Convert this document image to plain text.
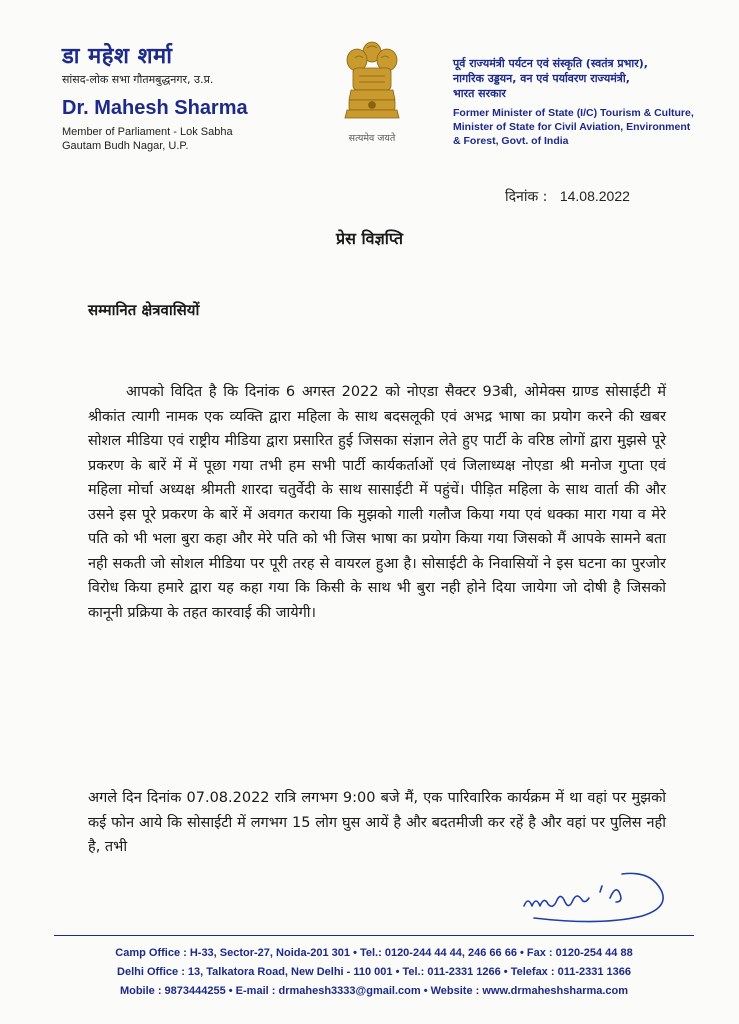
डा महेश शर्मा
सांसद-लोक सभा गौतमबुद्धनगर, उ.प्र.
Dr. Mahesh Sharma
Member of Parliament - Lok Sabha
Gautam Budh Nagar, U.P.
सत्यमेव जयते
पूर्व राज्यमंत्री पर्यटन एवं संस्कृति (स्वतंत्र प्रभार),
नागरिक उड्डयन, वन एवं पर्यावरण राज्यमंत्री,
भारत सरकार
Former Minister of State (I/C) Tourism & Culture,
Minister of State for Civil Aviation, Environment
& Forest, Govt. of India
दिनांक : 14.08.2022
प्रेस विज्ञप्ति
सम्मानित क्षेत्रवासियों
आपको विदित है कि दिनांक 6 अगस्त 2022 को नोएडा सैक्टर 93बी, ओमेक्स ग्राण्ड सोसाईटी में श्रीकांत त्यागी नामक एक व्यक्ति द्वारा महिला के साथ बदसलूकी एवं अभद्र भाषा का प्रयोग करने की खबर सोशल मीडिया एवं राष्ट्रीय मीडिया द्वारा प्रसारित हुई जिसका संज्ञान लेते हुए पार्टी के वरिष्ठ लोगों द्वारा मुझसे पूरे प्रकरण के बारें में में पूछा गया तभी हम सभी पार्टी कार्यकर्ताओं एवं जिलाध्यक्ष नोएडा श्री मनोज गुप्ता एवं महिला मोर्चा अध्यक्ष श्रीमती शारदा चतुर्वेदी के साथ सासाईटी में पहुंचें। पीड़ित महिला के साथ वार्ता की और उसने इस पूरे प्रकरण के बारें में अवगत कराया कि मुझको गाली गलौज किया गया एवं धक्का मारा गया व मेरे पति को भी भला बुरा कहा और मेरे पति को भी जिस भाषा का प्रयोग किया गया जिसको मैं आपके सामने बता नही सकती जो सोशल मीडिया पर पूरी तरह से वायरल हुआ है। सोसाईटी के निवासियों ने इस घटना का पुरजोर विरोध किया हमारे द्वारा यह कहा गया कि किसी के साथ भी बुरा नही होने दिया जायेगा जो दोषी है जिसको कानूनी प्रक्रिया के तहत कारवाई की जायेगी।
अगले दिन दिनांक 07.08.2022 रात्रि लगभग 9:00 बजे मैं, एक पारिवारिक कार्यक्रम में था वहां पर मुझको कई फोन आये कि सोसाईटी में लगभग 15 लोग घुस आयें है और बदतमीजी कर रहें है और वहां पर पुलिस नही है, तभी
Camp Office : H-33, Sector-27, Noida-201 301 • Tel.: 0120-244 44 44, 246 66 66 • Fax : 0120-254 44 88
Delhi Office : 13, Talkatora Road, New Delhi - 110 001 • Tel.: 011-2331 1266 • Telefax : 011-2331 1366
Mobile : 9873444255 • E-mail : drmahesh3333@gmail.com • Website : www.drmaheshsharma.com
